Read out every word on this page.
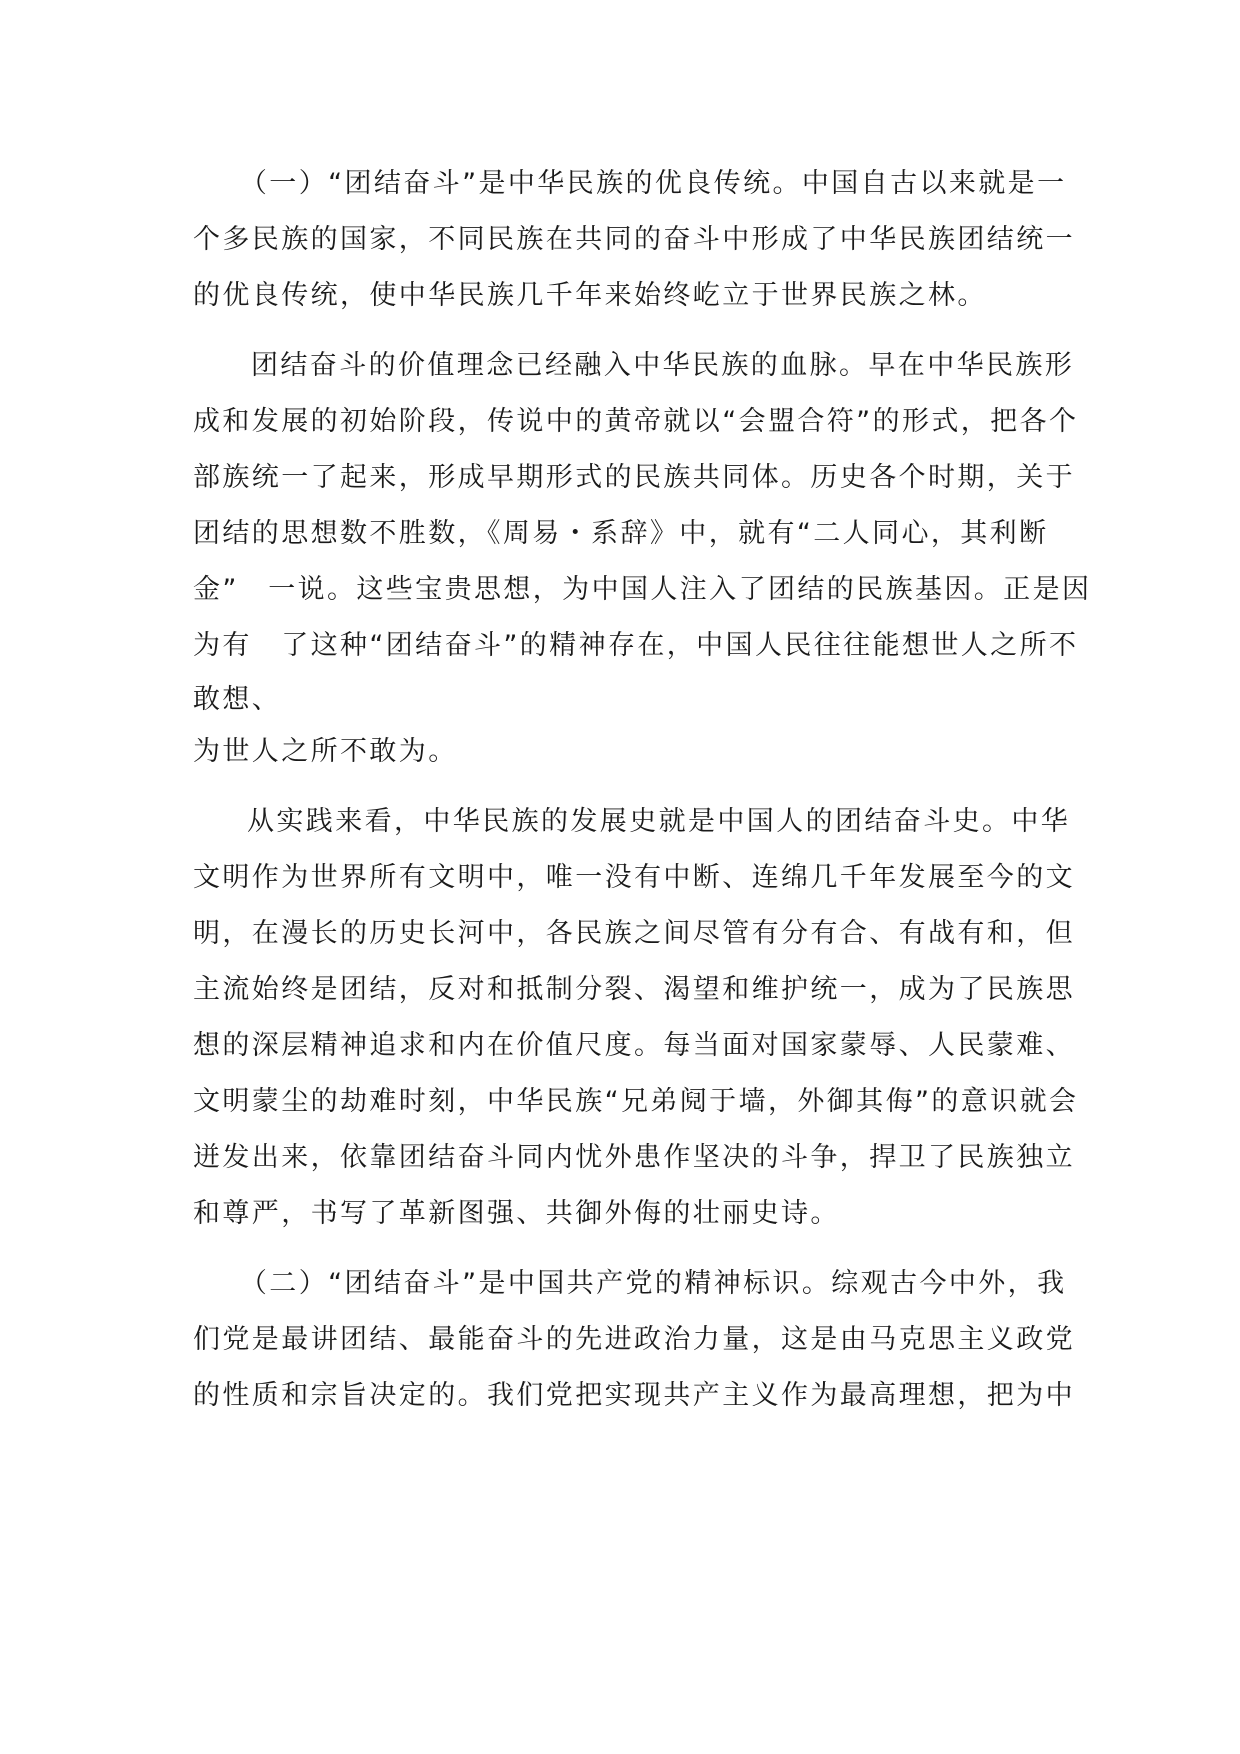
　（一）“团结奋斗”是中华民族的优良传统。中国自古以来就是一
个多民族的国家，不同民族在共同的奋斗中形成了中华民族团结统一
的优良传统，使中华民族几千年来始终屹立于世界民族之林。
团结奋斗的价值理念已经融入中华民族的血脉。早在中华民族形
成和发展的初始阶段，传说中的黄帝就以“会盟合符”的形式，把各个
部族统一了起来，形成早期形式的民族共同体。历史各个时期，关于
团结的思想数不胜数，《周易・系辞》中，就有“二人同心，其利断
金”　一说。这些宝贵思想，为中国人注入了团结的民族基因。正是因
为有　了这种“团结奋斗”的精神存在，中国人民往往能想世人之所不
敢想、
为世人之所不敢为。
从实践来看，中华民族的发展史就是中国人的团结奋斗史。中华
文明作为世界所有文明中，唯一没有中断、连绵几千年发展至今的文
明，在漫长的历史长河中，各民族之间尽管有分有合、有战有和，但
主流始终是团结，反对和抵制分裂、渴望和维护统一，成为了民族思
想的深层精神追求和内在价值尺度。每当面对国家蒙辱、人民蒙难、
文明蒙尘的劫难时刻，中华民族“兄弟阋于墙，外御其侮”的意识就会
迸发出来，依靠团结奋斗同内忧外患作坚决的斗争，捍卫了民族独立
和尊严，书写了革新图强、共御外侮的壮丽史诗。
　（二）“团结奋斗”是中国共产党的精神标识。综观古今中外，我
们党是最讲团结、最能奋斗的先进政治力量，这是由马克思主义政党
的性质和宗旨决定的。我们党把实现共产主义作为最高理想，把为中
